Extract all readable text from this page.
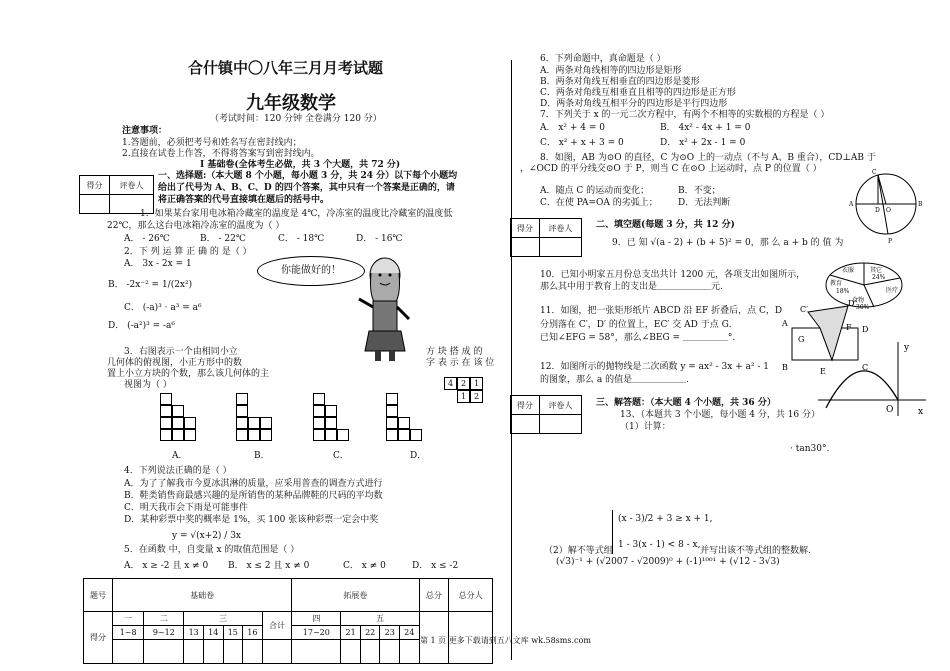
合什镇中〇八年三月月考试题
九年级数学
（考试时间：120 分钟 全卷满分 120 分）
注意事项：
1.答题前，必须把考号和姓名写在密封线内；
2.直接在试卷上作答，不得将答案写到密封线内。
Ⅰ 基础卷(全体考生必做，共 3 个大题，共 72 分)
得分	评卷人

一、选择题:（本大题 8 个小题，每小题 3 分，共 24 分）以下每个小题均
给出了代号为 A、B、C、D 的四个答案，其中只有一个答案是正确的，请
将正确答案的代号直接填在题后的括号中。
1．如果某台家用电冰箱冷藏室的温度是 4℃，冷冻室的温度比冷藏室的温度低
22℃，那么这台电冰箱冷冻室的温度为（ ）
A． - 26℃	B． - 22℃	C． - 18℃	D． - 16℃
2．下 列 运 算 正 确 的 是（ ）
A． 3x - 2x = 1
B． -2x⁻² = 1/(2x²)
C． (-a)³ · a³ = a⁶
D． (-a²)³ = -a⁶
你能做好的！
3．右图表示一个由相同小立
几何体的俯视图，小正方形中的数
置上小立方块的个数，那么该几何体的主
视图为（ ）
方 块 搭 成 的
字 表 示 在 该 位
4 2 1
1 2
A．	B．	C．	D．
4．下列说法正确的是（ ）
A．为了了解我市今夏冰淇淋的质量，应采用普查的调查方式进行
B．鞋类销售商最感兴趣的是所销售的某种品牌鞋的尺码的平均数
C．明天我市会下雨是可能事件
D．某种彩票中奖的概率是 1%，买 100 张该种彩票一定会中奖
y = √(x+2) / 3x
5．在函数 中，自变量 x 的取值范围是（ ）
A． x ≥ -2 且 x ≠ 0 B． x ≤ 2 且 x ≠ 0	C． x ≠ 0	D． x ≤ -2
题号	基础卷							拓展卷					总分	总分人
得分	一	二	三				合计	四	五					
	1~8	9~12	13	14	15	16		17~20	21	22	23	24		

6．下列命题中，真命题是（ ）
A．两条对角线相等的四边形是矩形
B．两条对角线互相垂直的四边形是菱形
C．两条对角线互相垂直且相等的四边形是正方形
D．两条对角线互相平分的四边形是平行四边形
7．下列关于 x 的一元二次方程中，有两个不相等的实数根的方程是（ ）
A． x² + 4 = 0	B． 4x² - 4x + 1 = 0
C． x² + x + 3 = 0	D． x² + 2x - 1 = 0
8．如图，AB 为⊙O 的直径，C 为⊙O 上的一动点（不与 A、B 重合），CD⊥AB 于
，∠OCD 的平分线交⊙O 于 P，则当 C 在⊙O 上运动时，点 P 的位置（ ）
A．随点 C 的运动而变化；	B．不变；
C．在使 PA=OA 的劣弧上； D．无法判断
C
A
D O
B
P
得分	评卷人
		二、填空题(每题 3 分，共 12 分)
9．已 知 √(a - 2) + (b + 5)² = 0，那 么 a + b 的 值 为
10．已知小明家五月份总支出共计 1200 元，各项支出如图所示，
那么其中用于教育上的支出是＿＿＿＿＿＿元.
衣服	其它
教育
医疗
18%
24%
食物
30%
11．如图，把一张矩形纸片 ABCD 沿 EF 折叠后，点 C，D
分别落在 C′，D′ 的位置上，EC′ 交 AD 于点 G．
已知∠EFG = 58°，那么∠BEG = ＿＿＿＿＿°.
A
D
F
G
B	E	C
C′
D′
12．如图所示的抛物线是二次函数 y = ax² - 3x + a² - 1
的图象，那么 a 的值是＿＿＿＿＿＿.
y
O	x
得分	评卷人
		三、解答题：（本大题 4 个小题，共 36 分）
13、（本题共 3 个小题，每小题 4 分，共 16 分）
（1）计算：
· tan30°．
(x - 3)/2 + 3 ≥ x + 1,
1 - 3(x - 1) < 8 - x,
（2）解不等式组	并写出该不等式组的整数解.
(√3)⁻¹ + (√2007 - √2009)⁰ + (-1)¹⁰⁰¹ + (√12 - 3√3)
第 1 页 更多下载请到五八文库 wk.58sms.com
